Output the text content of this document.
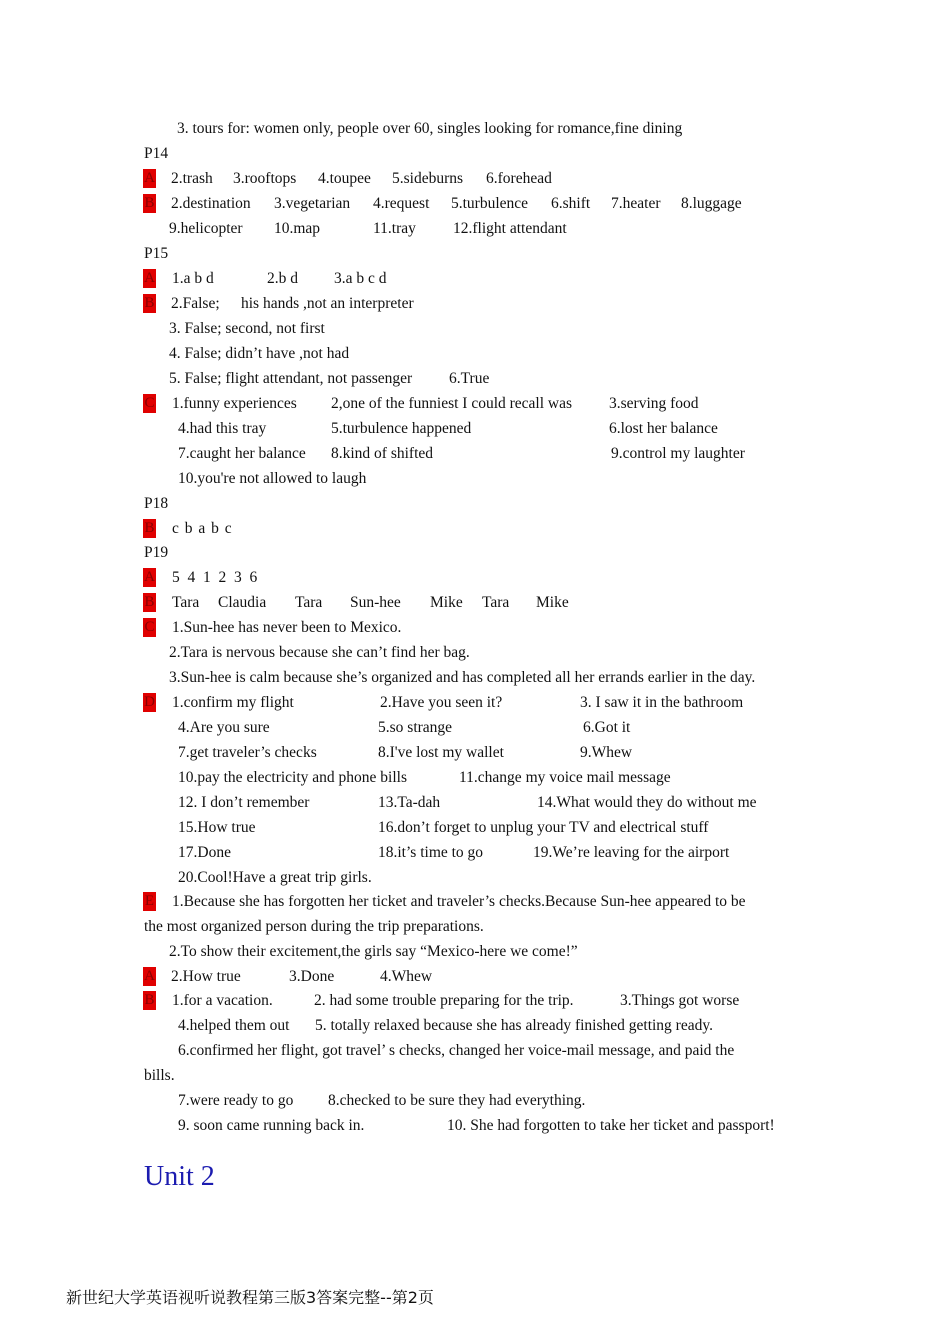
3. tours for: women only, people over 60, singles looking for romance,fine dining
P14
A 2.trash 3.rooftops 4.toupee 5.sideburns 6.forehead
B 2.destination 3.vegetarian 4.request 5.turbulence 6.shift 7.heater 8.luggage
9.helicopter 10.map	11.tray 12.flight attendant
P15
A 1.a b d	2.b d 3.a b c d
B 2.False; his hands ,not an interpreter
3. False; second, not first
4. False; didn’t have ,not had
5. False; flight attendant, not passenger 6.True
C 1.funny experiences 2,one of the funniest I could recall was 3.serving food
4.had this tray	5.turbulence happened	6.lost her balance
7.caught her balance 8.kind of shifted	9.control my laughter
10.you're not allowed to laugh
P18
B c b a b c
P19
A 5  4  1  2  3  6
B Tara Claudia Tara Sun-hee Mike Tara Mike
C 1.Sun-hee has never been to Mexico.
2.Tara is nervous because she can’t find her bag.
3.Sun-hee is calm because she’s organized and has completed all her errands earlier in the day.
D 1.confirm my flight	2.Have you seen it?	3. I saw it in the bathroom
4.Are you sure	5.so strange	6.Got it
7.get traveler’s checks	8.I've lost my wallet	9.Whew
10.pay the electricity and phone bills	11.change my voice mail message
12. I don’t remember	13.Ta-dah	14.What would they do without me
15.How true	16.don’t forget to unplug your TV and electrical stuff
17.Done	18.it’s time to go	19.We’re leaving for the airport
20.Cool!Have a great trip girls.
E 1.Because she has forgotten her ticket and traveler’s checks.Because Sun-hee appeared to be
the most organized person during the trip preparations.
2.To show their excitement,the girls say “Mexico-here we come!”
A 2.How true	3.Done	4.Whew
B 1.for a vacation.	2. had some trouble preparing for the trip.	3.Things got worse
4.helped them out 5. totally relaxed because she has already finished getting ready.
6.confirmed her flight, got travel’ s checks, changed her voice-mail message, and paid the
bills.
7.were ready to go 8.checked to be sure they had everything.
9. soon came running back in.	10. She had forgotten to take her ticket and passport!
Unit 2
新世纪大学英语视听说教程第三版3答案完整--第2页
